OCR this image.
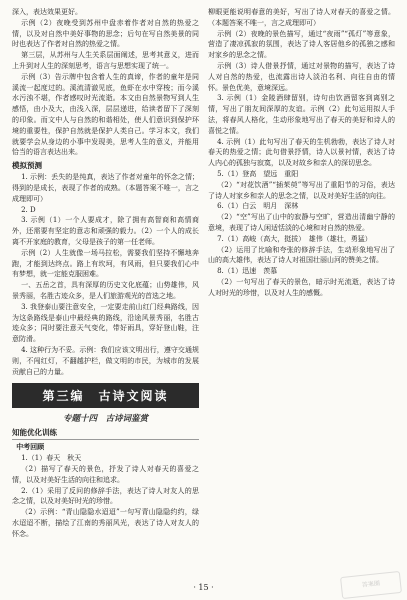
深入，表达效果更好。

示例（2）夜晚受到苏州中盘赤着作者对自然的热爱之情，以及对自然中美好事物的思念；后句在写自然美景的同时也表达了作者对自然的热爱之情。

第三层，从苏州与人生关系层面阐述，思考其意义，进而上升到对人生的深刻思考，语言与思想实现了统一。

示例（3）告示牌中包含着人生的真谛，作者的童年是同溪流一起度过的。溪流清澈见底，鱼虾在水中穿梭；而今溪水污浊不堪，作者感叹时光流逝。本文由自然景物写到人生感悟，由小及大，由浅入深，层层递进，给读者留下了深刻的印象。而文中人与自然的和谐相处，使人们意识到保护环境的重要性，保护自然就是保护人类自己。学习本文，我们就要学会从身边的小事中发现美，思考人生的意义，并能用恰当的语言表达出来。

模拟预测

1. 示例：丢失的是纯真，表达了作者对童年的怀念之情；得到的是成长，表现了作者的成熟。（本题答案不唯一，言之成理即可）

2. D

3. 示例（1）一个人要成才，除了拥有高智商和高情商外，还需要有坚定的意志和顽强的毅力。（2）一个人的成长离不开家庭的教育，父母是孩子的第一任老师。

示例（2）人生就像一场马拉松，需要我们坚持不懈地奔跑，才能到达终点。路上有坎坷，有风雨，但只要我们心中有梦想，就一定能克服困难。

一、五岳之首，具有深厚的历史文化底蕴；山势雄伟，风景秀丽，名胜古迹众多，是人们旅游观光的首选之地。

3. 我登泰山要注意安全，一定要走前山红门经典路线，因为这条路线是泰山中最经典的路线，沿途风景秀丽，名胜古迹众多；同时要注意天气变化，带好雨具，穿好登山鞋，注意防滑。

4. 这种行为不妥。示例：我们应该文明出行，遵守交通规则，不闯红灯，不翻越护栏，做文明的市民，为城市的发展贡献自己的力量。

第三编　古诗文阅读
专题十四　古诗词鉴赏
知能优化训练
中考回顾

1.（1）春天　秋天

（2）描写了春天的景色，抒发了诗人对春天的喜爱之情，以及对美好生活的向往和追求。

2.（1）采用了反问的修辞手法，表达了诗人对友人的思念之情，以及对美好时光的珍惜。

（2）示例：“青山隐隐水迢迢”一句写青山隐隐约约，绿水迢迢不断，描绘了江南的秀丽风光，表达了诗人对友人的怀念。

柳眼更能说明春意的美好，写出了诗人对春天的喜爱之情。（本题答案不唯一，言之成理即可）

示例（2）夜晚的景色描写，通过“夜雨”“孤灯”等意象，营造了凄凉孤寂的氛围，表达了诗人客居他乡的孤独之感和对家乡的思念之情。

示例（3）诗人借景抒情，通过对景物的描写，表达了诗人对自然的热爱，也流露出诗人淡泊名利、向往自由的情怀。景色优美，意境深远。

3. 示例（1）金陵酒肆留别，诗句由饮酒留客到离别之情，写出了朋友间深厚的友谊。示例（2）此句运用拟人手法，将春风人格化，生动形象地写出了春天的美好和诗人的喜悦之情。

4. 示例（1）此句写出了春天的生机勃勃，表达了诗人对春天的热爱之情；此句借景抒情，诗人以景衬情，表达了诗人内心的孤独与寂寞，以及对故乡和亲人的深切思念。

5.（1）登高　望远　重阳

（2）“对花饮酒”“插茱萸”等写出了重阳节的习俗，表达了诗人对家乡和亲人的思念之情，以及对美好生活的向往。

6.（1）白云　明月　深林

（2）“空”写出了山中的寂静与空旷，营造出清幽宁静的意境，表现了诗人闲适恬淡的心境和对自然的热爱。

7.（1）高峻（高大，挺拔）　雄伟（雄壮，勇猛）

（2）运用了比喻和夸张的修辞手法，生动形象地写出了山的高大雄伟，表达了诗人对祖国壮丽山河的赞美之情。

8.（1）迅速　羡慕

（2）一句写出了春天的景色，暗示时光流逝，表达了诗人对时光的珍惜，以及对人生的感慨。

· 15 ·	答案圈
